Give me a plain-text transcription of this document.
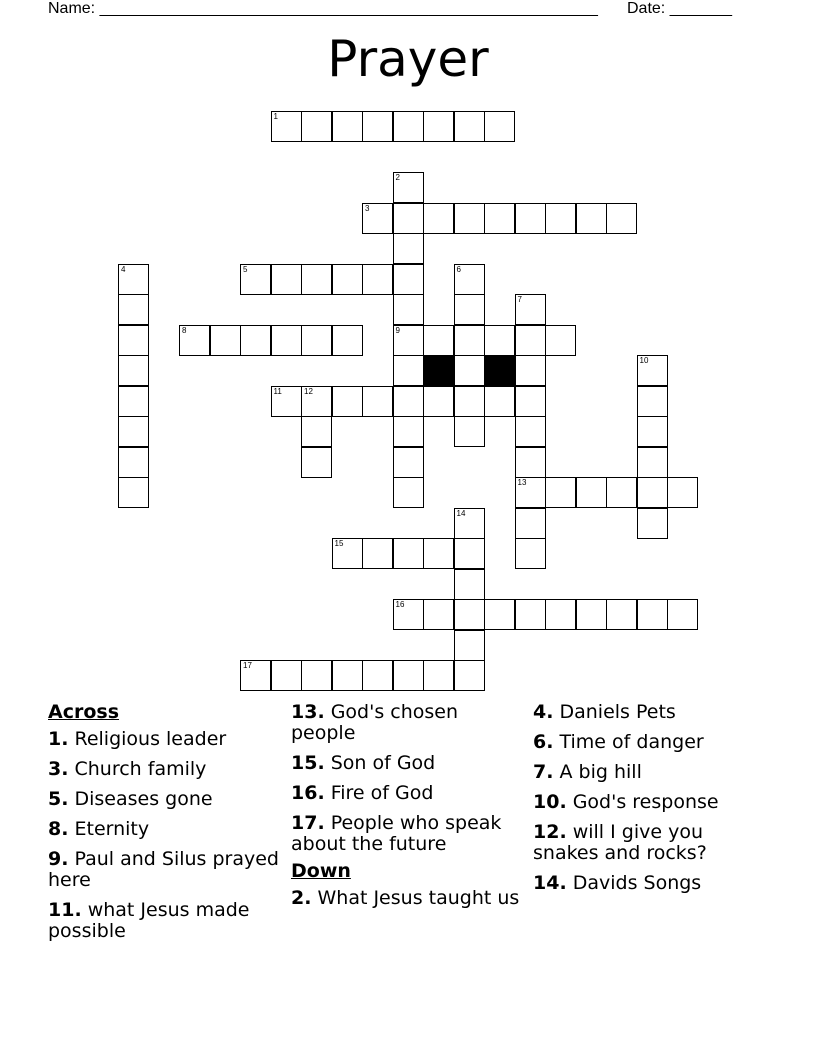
Name: ________________________________________________________ Date: _______
Prayer
1
2
9
3
4	5	6
7
13
8
10
11	12
14
15
16
17
Across
1. Religious leader
3. Church family
5. Diseases gone
8. Eternity
9. Paul and Silus prayed here
11. what Jesus made possible
13. God's chosen people
15. Son of God
16. Fire of God
17. People who speak about the future
Down
2. What Jesus taught us
4. Daniels Pets
6. Time of danger
7. A big hill
10. God's response
12. will I give you snakes and rocks?
14. Davids Songs
